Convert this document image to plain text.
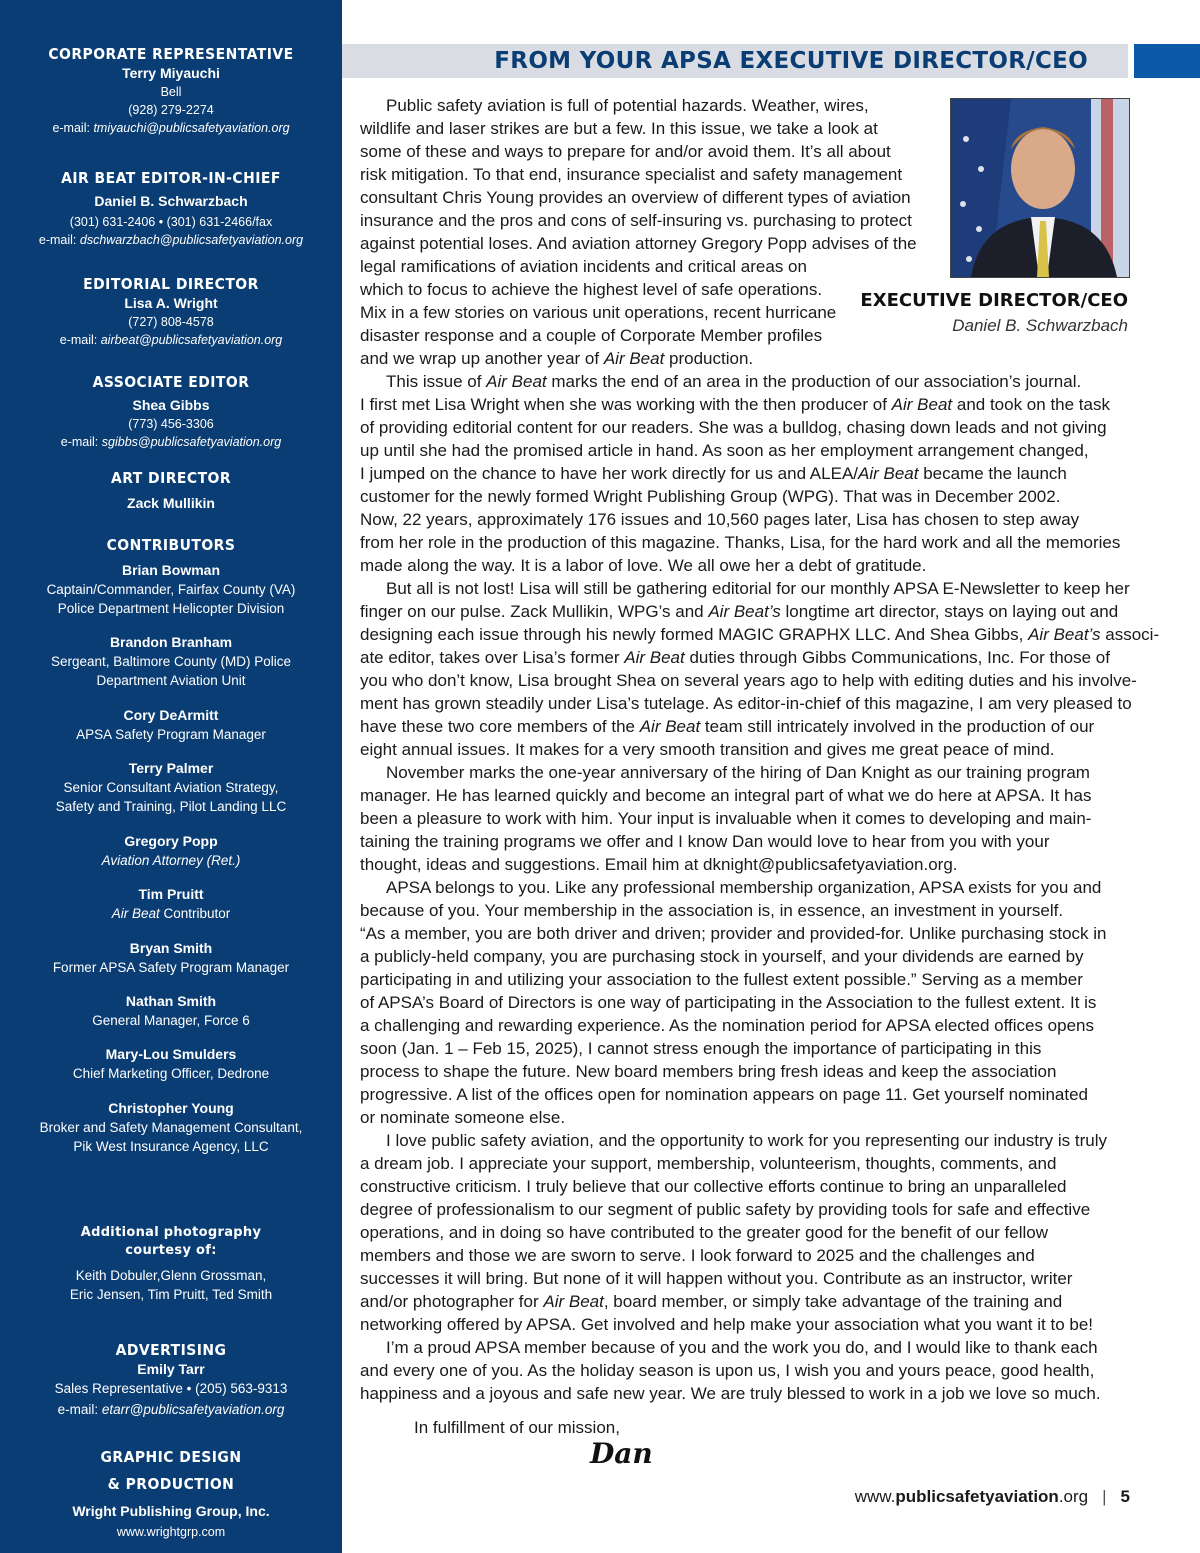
CORPORATE REPRESENTATIVE
Terry Miyauchi
Bell
(928) 279-2274
e-mail: tmiyauchi@publicsafetyaviation.org
AIR BEAT EDITOR-IN-CHIEF
Daniel B. Schwarzbach
(301) 631-2406 • (301) 631-2466/fax
e-mail: dschwarzbach@publicsafetyaviation.org
EDITORIAL DIRECTOR
Lisa A. Wright
(727) 808-4578
e-mail: airbeat@publicsafetyaviation.org
ASSOCIATE EDITOR
Shea Gibbs
(773) 456-3306
e-mail: sgibbs@publicsafetyaviation.org
ART DIRECTOR
Zack Mullikin
CONTRIBUTORS
Brian Bowman
Captain/Commander, Fairfax County (VA)
Police Department Helicopter Division
Brandon Branham
Sergeant, Baltimore County (MD) Police
Department Aviation Unit
Cory DeArmitt
APSA Safety Program Manager
Terry Palmer
Senior Consultant Aviation Strategy,
Safety and Training, Pilot Landing LLC
Gregory Popp
Aviation Attorney (Ret.)
Tim Pruitt
Air Beat Contributor
Bryan Smith
Former APSA Safety Program Manager
Nathan Smith
General Manager, Force 6
Mary-Lou Smulders
Chief Marketing Officer, Dedrone
Christopher Young
Broker and Safety Management Consultant,
Pik West Insurance Agency, LLC
Additional photography
courtesy of:
Keith Dobuler,Glenn Grossman,
Eric Jensen, Tim Pruitt, Ted Smith
ADVERTISING
Emily Tarr
Sales Representative • (205) 563-9313
e-mail: etarr@publicsafetyaviation.org
GRAPHIC DESIGN
& PRODUCTION
Wright Publishing Group, Inc.
www.wrightgrp.com
FROM YOUR APSA EXECUTIVE DIRECTOR/CEO
EXECUTIVE DIRECTOR/CEO
Daniel B. Schwarzbach
Public safety aviation is full of potential hazards. Weather, wires,
wildlife and laser strikes are but a few. In this issue, we take a look at
some of these and ways to prepare for and/or avoid them. It’s all about
risk mitigation. To that end, insurance specialist and safety management
consultant Chris Young provides an overview of different types of aviation
insurance and the pros and cons of self-insuring vs. purchasing to protect
against potential loses. And aviation attorney Gregory Popp advises of the
legal ramifications of aviation incidents and critical areas on
which to focus to achieve the highest level of safe operations.
Mix in a few stories on various unit operations, recent hurricane
disaster response and a couple of Corporate Member profiles
and we wrap up another year of Air Beat production.
This issue of Air Beat marks the end of an area in the production of our association’s journal.
I first met Lisa Wright when she was working with the then producer of Air Beat and took on the task
of providing editorial content for our readers. She was a bulldog, chasing down leads and not giving
up until she had the promised article in hand. As soon as her employment arrangement changed,
I jumped on the chance to have her work directly for us and ALEA/Air Beat became the launch
customer for the newly formed Wright Publishing Group (WPG). That was in December 2002.
Now, 22 years, approximately 176 issues and 10,560 pages later, Lisa has chosen to step away
from her role in the production of this magazine. Thanks, Lisa, for the hard work and all the memories
made along the way. It is a labor of love. We all owe her a debt of gratitude.
But all is not lost! Lisa will still be gathering editorial for our monthly APSA E-Newsletter to keep her
finger on our pulse. Zack Mullikin, WPG’s and Air Beat’s longtime art director, stays on laying out and
designing each issue through his newly formed MAGIC GRAPHX LLC. And Shea Gibbs, Air Beat’s associ-
ate editor, takes over Lisa’s former Air Beat duties through Gibbs Communications, Inc. For those of
you who don’t know, Lisa brought Shea on several years ago to help with editing duties and his involve-
ment has grown steadily under Lisa’s tutelage. As editor-in-chief of this magazine, I am very pleased to
have these two core members of the Air Beat team still intricately involved in the production of our
eight annual issues. It makes for a very smooth transition and gives me great peace of mind.
November marks the one-year anniversary of the hiring of Dan Knight as our training program
manager. He has learned quickly and become an integral part of what we do here at APSA. It has
been a pleasure to work with him. Your input is invaluable when it comes to developing and main-
taining the training programs we offer and I know Dan would love to hear from you with your
thought, ideas and suggestions. Email him at dknight@publicsafetyaviation.org.
APSA belongs to you. Like any professional membership organization, APSA exists for you and
because of you. Your membership in the association is, in essence, an investment in yourself.
“As a member, you are both driver and driven; provider and provided-for. Unlike purchasing stock in
a publicly-held company, you are purchasing stock in yourself, and your dividends are earned by
participating in and utilizing your association to the fullest extent possible.” Serving as a member
of APSA’s Board of Directors is one way of participating in the Association to the fullest extent. It is
a challenging and rewarding experience. As the nomination period for APSA elected offices opens
soon (Jan. 1 – Feb 15, 2025), I cannot stress enough the importance of participating in this
process to shape the future. New board members bring fresh ideas and keep the association
progressive. A list of the offices open for nomination appears on page 11. Get yourself nominated
or nominate someone else.
I love public safety aviation, and the opportunity to work for you representing our industry is truly
a dream job. I appreciate your support, membership, volunteerism, thoughts, comments, and
constructive criticism. I truly believe that our collective efforts continue to bring an unparalleled
degree of professionalism to our segment of public safety by providing tools for safe and effective
operations, and in doing so have contributed to the greater good for the benefit of our fellow
members and those we are sworn to serve. I look forward to 2025 and the challenges and
successes it will bring. But none of it will happen without you. Contribute as an instructor, writer
and/or photographer for Air Beat, board member, or simply take advantage of the training and
networking offered by APSA. Get involved and help make your association what you want it to be!
I’m a proud APSA member because of you and the work you do, and I would like to thank each
and every one of you. As the holiday season is upon us, I wish you and yours peace, good health,
happiness and a joyous and safe new year. We are truly blessed to work in a job we love so much.
In fulfillment of our mission,
Dan
www.publicsafetyaviation.org | 5
